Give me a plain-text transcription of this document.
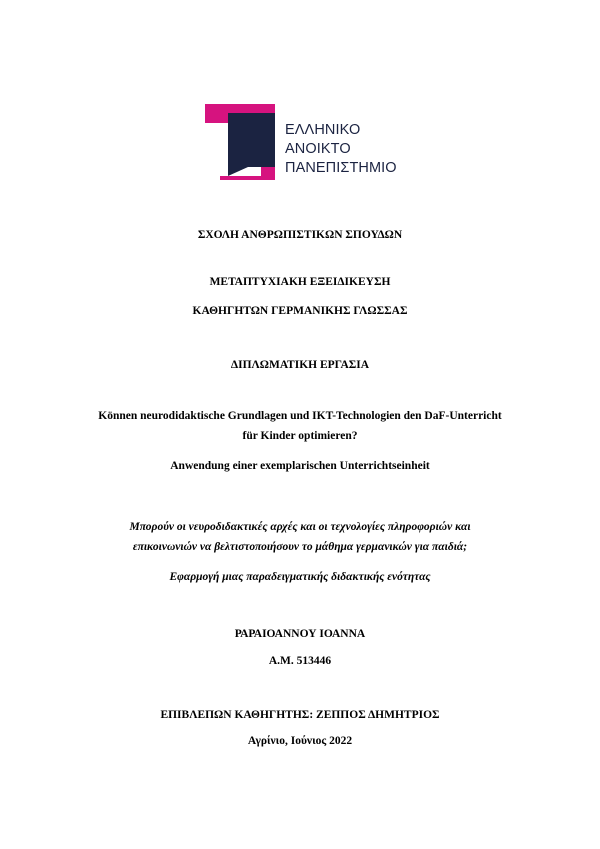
ΕΛΛΗΝΙΚΟ
ΑΝΟΙΚΤΟ
ΠΑΝΕΠΙΣΤΗΜΙΟ
ΣΧΟΛΗ ΑΝΘΡΩΠΙΣΤΙΚΩΝ ΣΠΟΥΔΩΝ
ΜΕΤΑΠΤΥΧΙΑΚΗ ΕΞΕΙΔΙΚΕΥΣΗ
ΚΑΘΗΓΗΤΩΝ ΓΕΡΜΑΝΙΚΗΣ ΓΛΩΣΣΑΣ
ΔΙΠΛΩΜΑΤΙΚΗ ΕΡΓΑΣΙΑ
Können neurodidaktische Grundlagen und IKT-Technologien den DaF-Unterricht
für Kinder optimieren?
Anwendung einer exemplarischen Unterrichtseinheit
Μπορούν οι νευροδιδακτικές αρχές και οι τεχνολογίες πληροφοριών και
επικοινωνιών να βελτιστοποιήσουν το μάθημα γερμανικών για παιδιά;
Εφαρμογή μιας παραδειγματικής διδακτικής ενότητας
ΡΑΡΑΙΟΑΝΝΟΥ ΙΟΑΝΝΑ
Α.Μ. 513446
ΕΠΙΒΛΕΠΩΝ ΚΑΘΗΓΗΤΗΣ: ΖΕΠΠΟΣ ΔΗΜΗΤΡΙΟΣ
Αγρίνιο, Ιούνιος 2022
